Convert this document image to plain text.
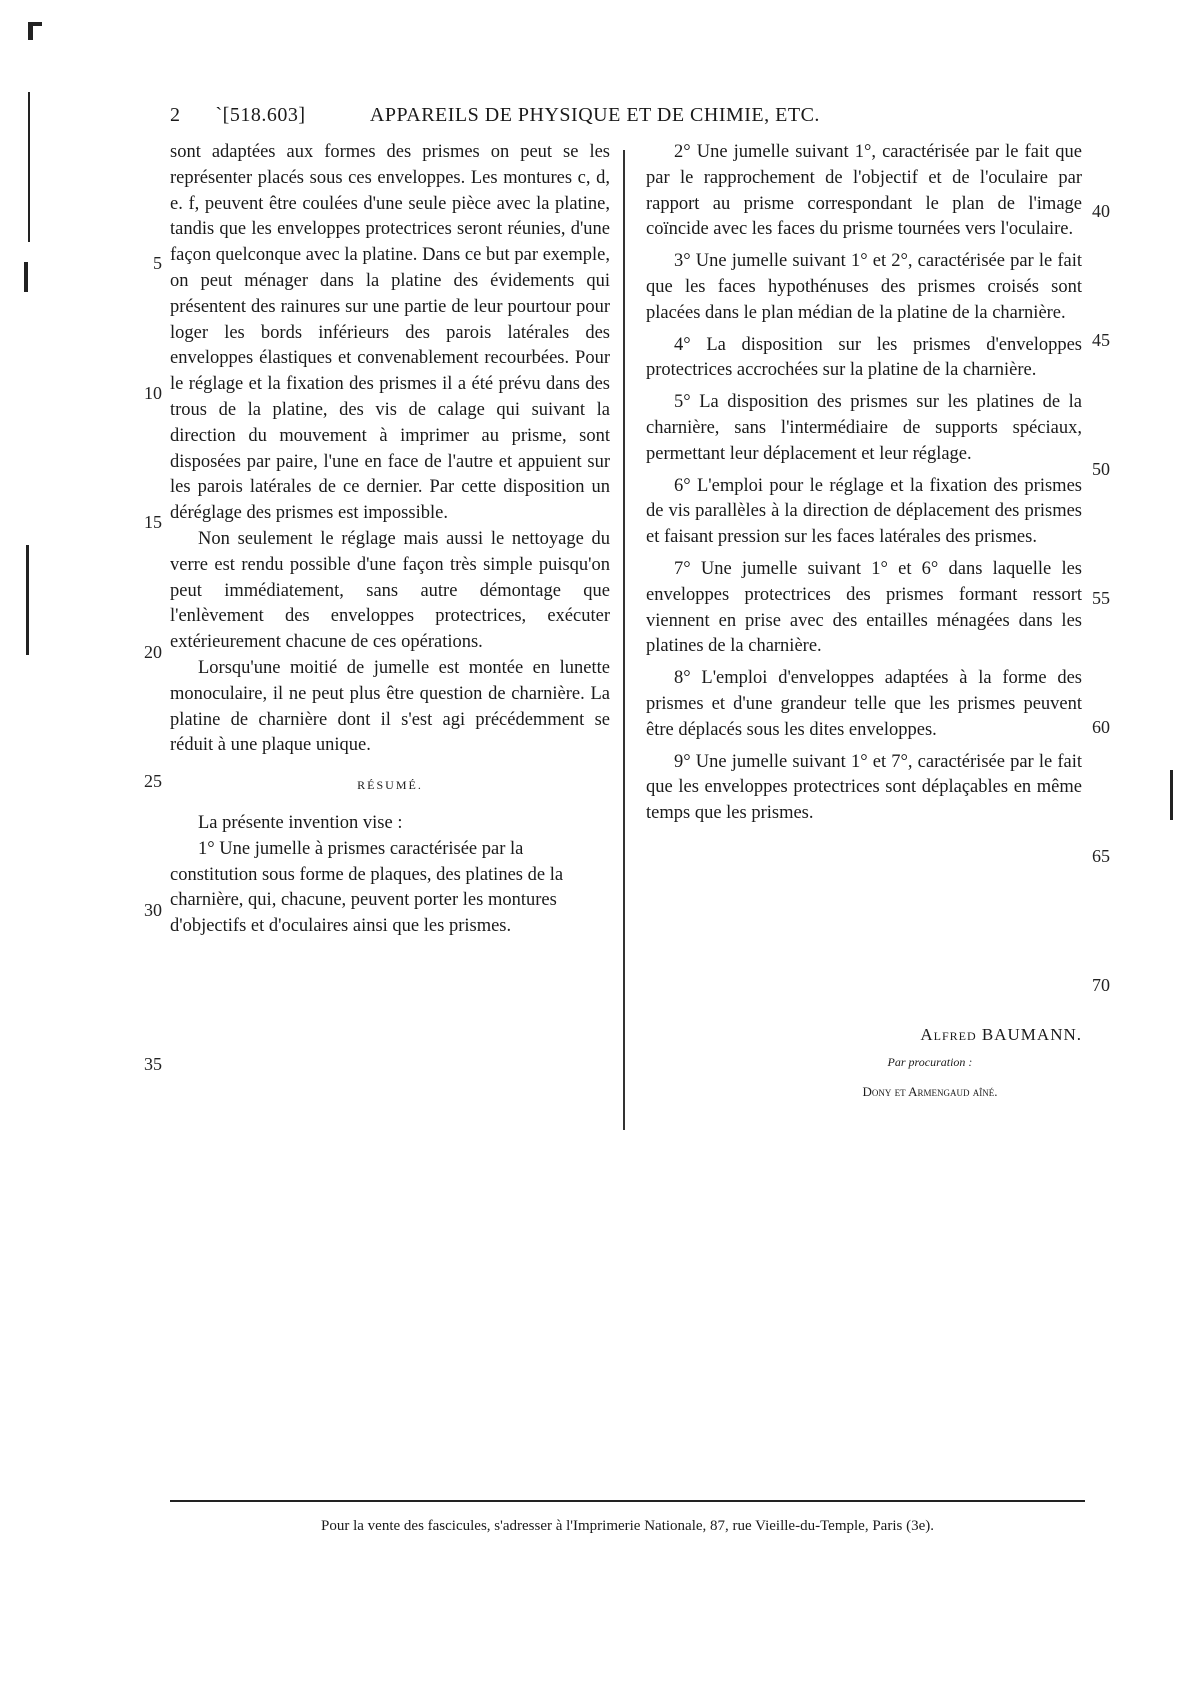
2 `[518.603]	APPAREILS DE PHYSIQUE ET DE CHIMIE, ETC.

sont adaptées aux formes des prismes on peut se les représenter placés sous ces enveloppes. Les montures c, d, e. f, peuvent être coulées d'une seule pièce avec la platine, tandis que les enveloppes protectrices seront réunies, d'une façon quelconque avec la platine. Dans ce but par exemple, on peut ménager dans la platine des évidements qui présentent des rainures sur une partie de leur pourtour pour loger les bords inférieurs des parois latérales des enveloppes élastiques et convenablement recourbées. Pour le réglage et la fixation des prismes il a été prévu dans des trous de la platine, des vis de calage qui suivant la direction du mouvement à imprimer au prisme, sont disposées par paire, l'une en face de l'autre et appuient sur les parois latérales de ce dernier. Par cette disposition un déréglage des prismes est impossible.

Non seulement le réglage mais aussi le nettoyage du verre est rendu possible d'une façon très simple puisqu'on peut immédiatement, sans autre démontage que l'enlèvement des enveloppes protectrices, exécuter extérieurement chacune de ces opérations.

Lorsqu'une moitié de jumelle est montée en lunette monoculaire, il ne peut plus être question de charnière. La platine de charnière dont il s'est agi précédemment se réduit à une plaque unique.

RÉSUMÉ.

La présente invention vise :

1° Une jumelle à prismes caractérisée par la constitution sous forme de plaques, des platines de la charnière, qui, chacune, peuvent porter les montures d'objectifs et d'oculaires ainsi que les prismes.

2° Une jumelle suivant 1°, caractérisée par le fait que par le rapprochement de l'objectif et de l'oculaire par rapport au prisme correspondant le plan de l'image coïncide avec les faces du prisme tournées vers l'oculaire.

3° Une jumelle suivant 1° et 2°, caractérisée par le fait que les faces hypothénuses des prismes croisés sont placées dans le plan médian de la platine de la charnière.

4° La disposition sur les prismes d'enveloppes protectrices accrochées sur la platine de la charnière.

5° La disposition des prismes sur les platines de la charnière, sans l'intermédiaire de supports spéciaux, permettant leur déplacement et leur réglage.

6° L'emploi pour le réglage et la fixation des prismes de vis parallèles à la direction de déplacement des prismes et faisant pression sur les faces latérales des prismes.

7° Une jumelle suivant 1° et 6° dans laquelle les enveloppes protectrices des prismes formant ressort viennent en prise avec des entailles ménagées dans les platines de la charnière.

8° L'emploi d'enveloppes adaptées à la forme des prismes et d'une grandeur telle que les prismes peuvent être déplacés sous les dites enveloppes.

9° Une jumelle suivant 1° et 7°, caractérisée par le fait que les enveloppes protectrices sont déplaçables en même temps que les prismes.

5
10
15
20
25
30
35
40
45
50
55
60
65
70
Alfred BAUMANN.
Par procuration :
Dony et Armengaud aîné.
Pour la vente des fascicules, s'adresser à l'Imprimerie Nationale, 87, rue Vieille-du-Temple, Paris (3e).
